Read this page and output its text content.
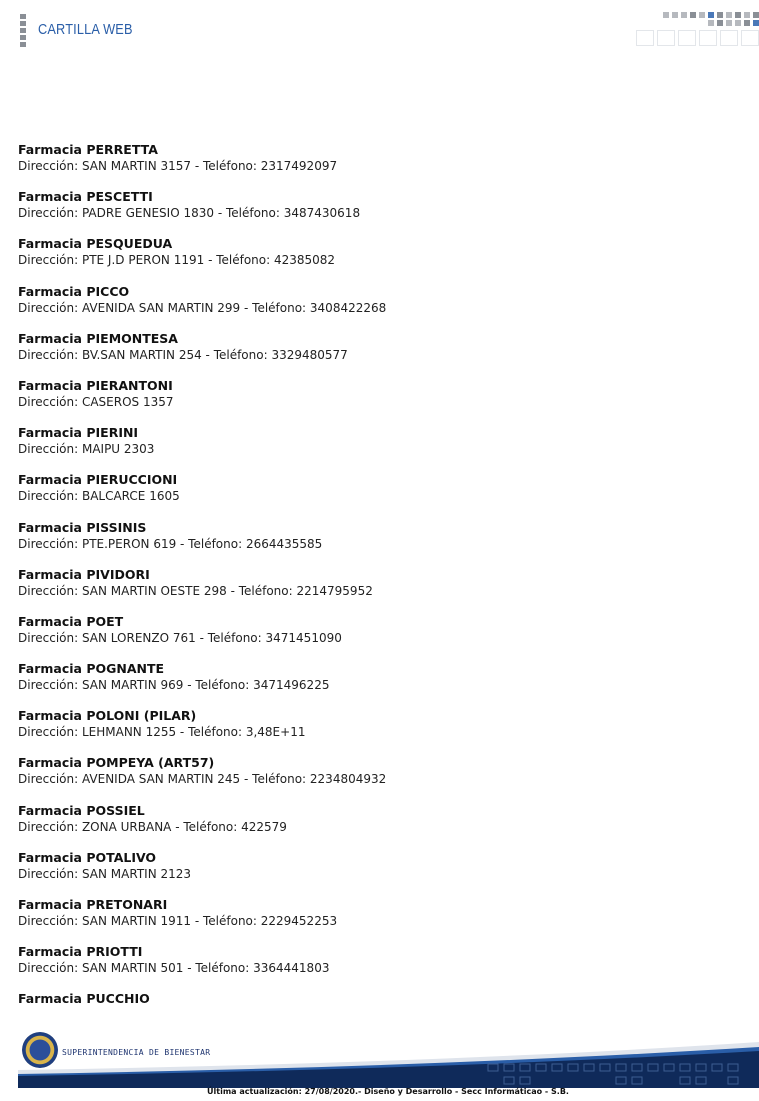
CARTILLA WEB
Farmacia PERRETTA
Dirección: SAN MARTIN 3157 - Teléfono: 2317492097
Farmacia PESCETTI
Dirección: PADRE GENESIO 1830 - Teléfono: 3487430618
Farmacia PESQUEDUA
Dirección: PTE J.D PERON 1191 - Teléfono: 42385082
Farmacia PICCO
Dirección: AVENIDA SAN MARTIN 299 - Teléfono: 3408422268
Farmacia PIEMONTESA
Dirección: BV.SAN MARTIN 254 - Teléfono: 3329480577
Farmacia PIERANTONI
Dirección: CASEROS 1357
Farmacia PIERINI
Dirección: MAIPU 2303
Farmacia PIERUCCIONI
Dirección: BALCARCE 1605
Farmacia PISSINIS
Dirección: PTE.PERON 619 - Teléfono: 2664435585
Farmacia PIVIDORI
Dirección: SAN MARTIN OESTE 298 - Teléfono: 2214795952
Farmacia POET
Dirección: SAN LORENZO 761 - Teléfono: 3471451090
Farmacia POGNANTE
Dirección: SAN MARTIN 969 - Teléfono: 3471496225
Farmacia POLONI (PILAR)
Dirección: LEHMANN 1255 - Teléfono: 3,48E+11
Farmacia POMPEYA (ART57)
Dirección: AVENIDA SAN MARTIN 245 - Teléfono: 2234804932
Farmacia POSSIEL
Dirección: ZONA URBANA - Teléfono: 422579
Farmacia POTALIVO
Dirección: SAN MARTIN 2123
Farmacia PRETONARI
Dirección: SAN MARTIN 1911 - Teléfono: 2229452253
Farmacia PRIOTTI
Dirección: SAN MARTIN 501 - Teléfono: 3364441803
Farmacia PUCCHIO
SUPERINTENDENCIA DE BIENESTAR
Última actualización: 27/08/2020.- Diseño y Desarrollo - Secc Informáticao - S.B.
